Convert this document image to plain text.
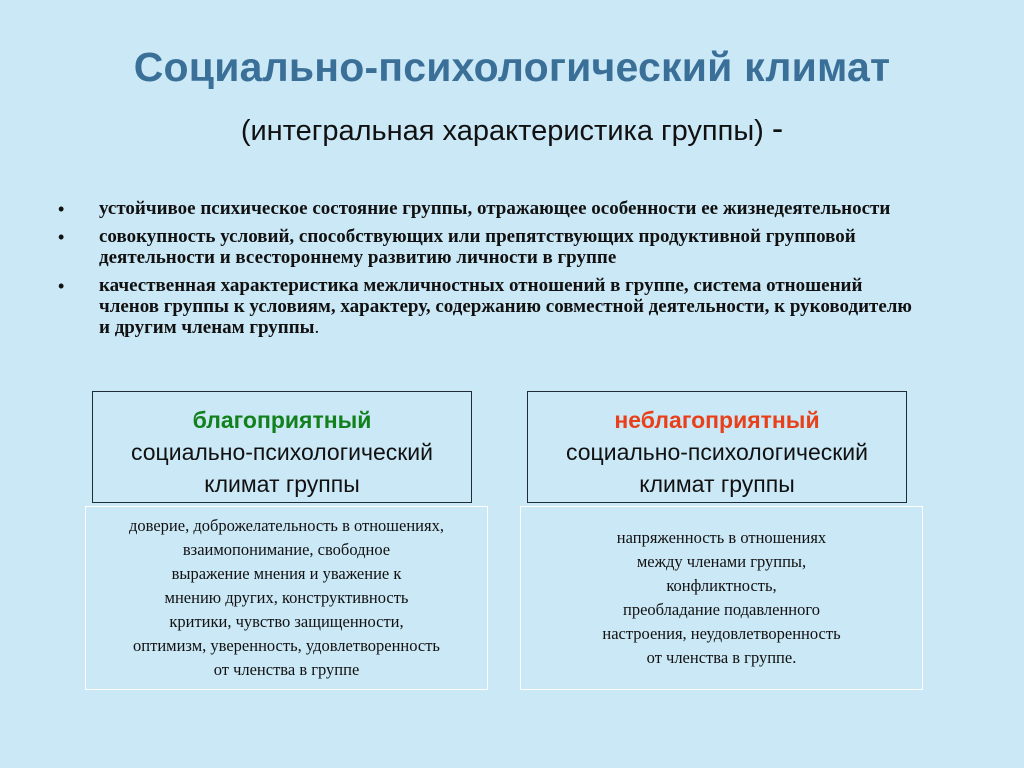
Социально-психологический климат
(интегральная характеристика группы) -
• устойчивое психическое состояние группы, отражающее особенности ее жизнедеятельности
• совокупность условий, способствующих или препятствующих продуктивной групповой деятельности и всестороннему развитию личности в группе
• качественная характеристика межличностных отношений в группе, система отношений членов группы к условиям, характеру, содержанию совместной деятельности, к руководителю и другим членам группы.
благоприятный
социально-психологический
климат группы
неблагоприятный
социально-психологический
климат группы
доверие, доброжелательность в отношениях,
взаимопонимание, свободное
выражение мнения и уважение к
мнению других, конструктивность
критики, чувство защищенности,
оптимизм, уверенность, удовлетворенность
от членства в группе
напряженность в отношениях
между членами группы,
конфликтность,
преобладание подавленного
настроения, неудовлетворенность
от членства в группе.
